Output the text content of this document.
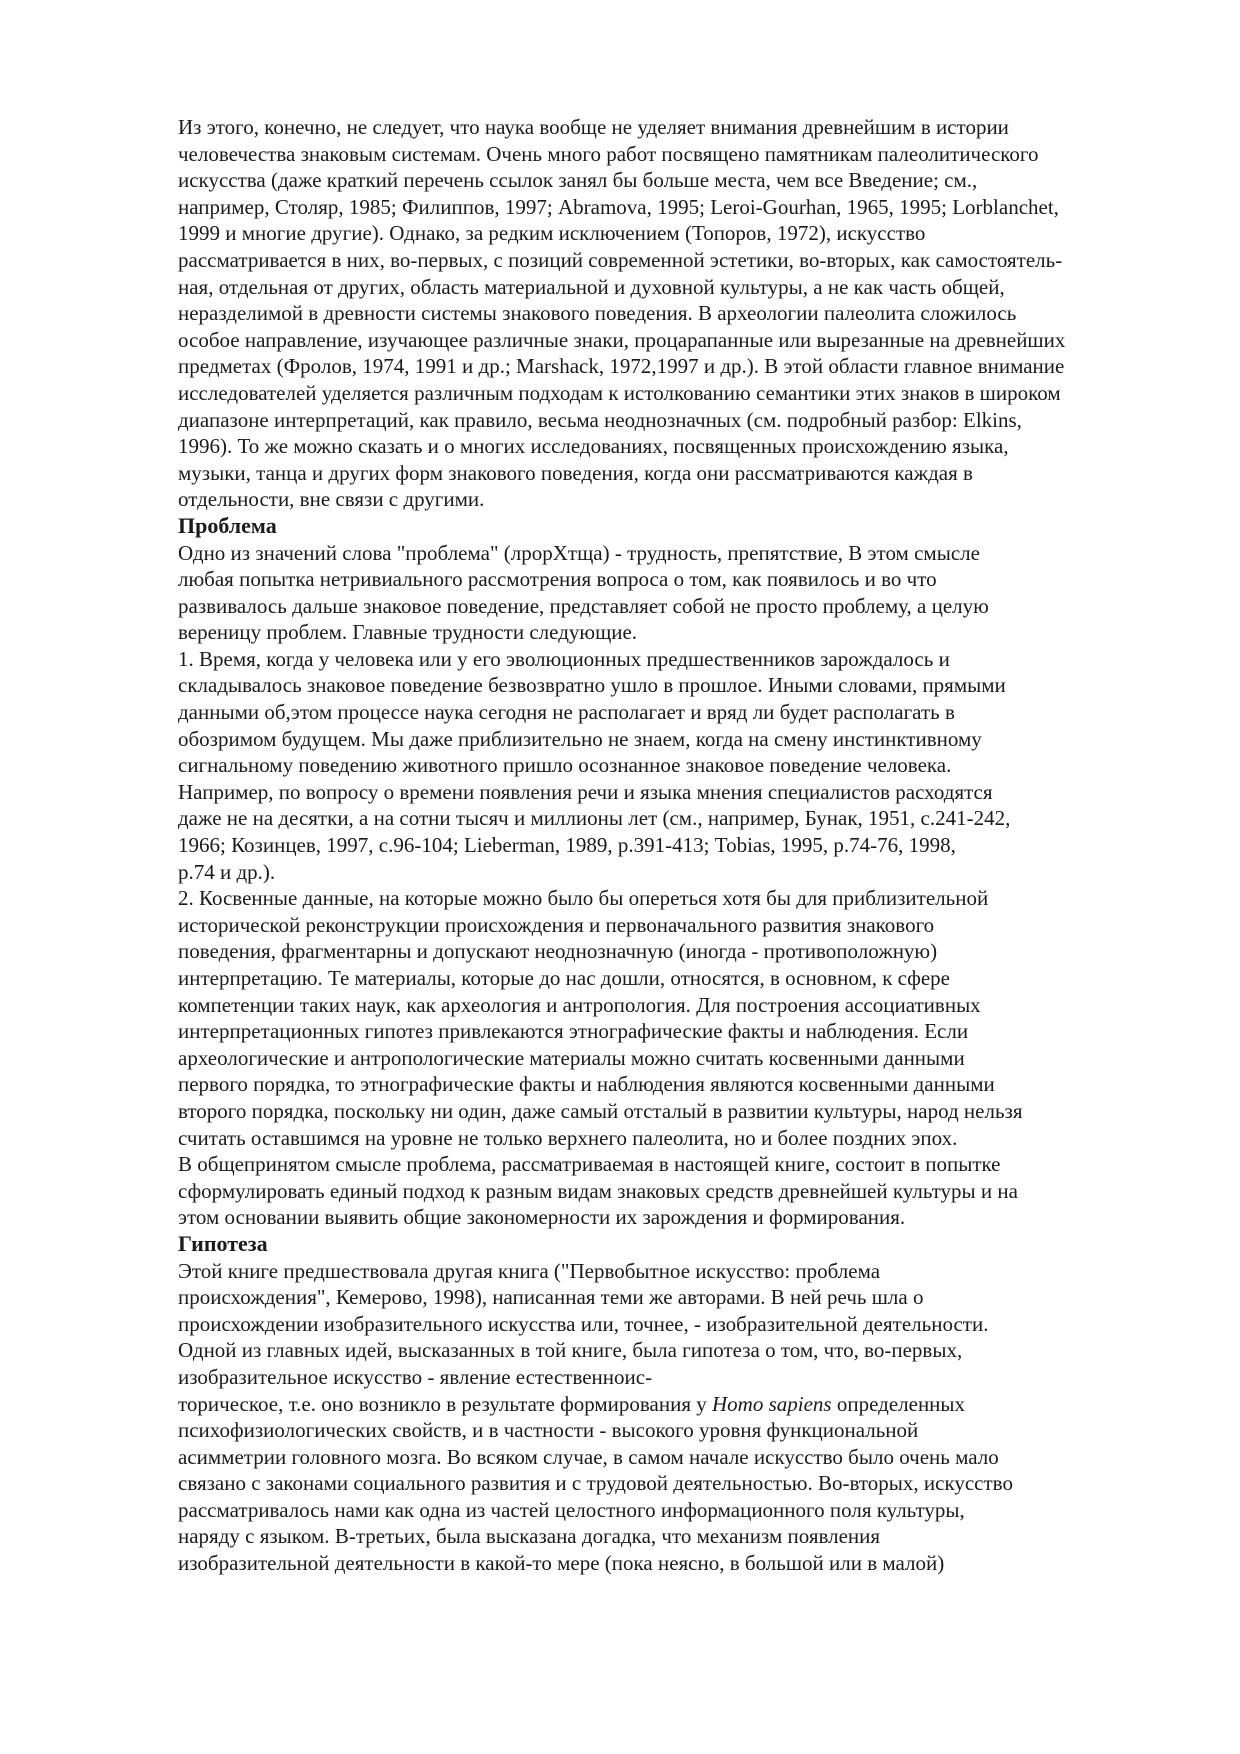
Из этого, конечно, не следует, что наука вообще не уделяет внимания древнейшим в истории
человечества знаковым системам. Очень много работ посвящено памятникам палеолитического
искусства (даже краткий перечень ссылок занял бы больше места, чем все Введение; см.,
например, Столяр, 1985; Филиппов, 1997; Abramova, 1995; Leroi-Gourhan, 1965, 1995; Lorblanchet,
1999 и многие другие). Однако, за редким исключением (Топоров, 1972), искусство
рассматривается в них, во-первых, с позиций современной эстетики, во-вторых, как самостоятель-
ная, отдельная от других, область материальной и духовной культуры, а не как часть общей,
неразделимой в древности системы знакового поведения. В археологии палеолита сложилось
особое направление, изучающее различные знаки, процарапанные или вырезанные на древнейших
предметах (Фролов, 1974, 1991 и др.; Marshack, 1972,1997 и др.). В этой области главное внимание
исследователей уделяется различным подходам к истолкованию семантики этих знаков в широком
диапазоне интерпретаций, как правило, весьма неоднозначных (см. подробный разбор: Elkins,
1996). То же можно сказать и о многих исследованиях, посвященных происхождению языка,
музыки, танца и других форм знакового поведения, когда они рассматриваются каждая в
отдельности, вне связи с другими.
Проблема
Одно из значений слова "проблема" (лрорХтща) - трудность, препятствие, В этом смысле
любая попытка нетривиального рассмотрения вопроса о том, как появилось и во что
развивалось дальше знаковое поведение, представляет собой не просто проблему, а целую
вереницу проблем. Главные трудности следующие.
1. Время, когда у человека или у его эволюционных предшественников зарождалось и
складывалось знаковое поведение безвозвратно ушло в прошлое. Иными словами, прямыми
данными об,этом процессе наука сегодня не располагает и вряд ли будет располагать в
обозримом будущем. Мы даже приблизительно не знаем, когда на смену инстинктивному
сигнальному поведению животного пришло осознанное знаковое поведение человека.
Например, по вопросу о времени появления речи и языка мнения специалистов расходятся
даже не на десятки, а на сотни тысяч и миллионы лет (см., например, Бунак, 1951, с.241-242,
1966; Козинцев, 1997, с.96-104; Lieberman, 1989, р.391-413; Tobias, 1995, р.74-76, 1998,
р.74 и др.).
2. Косвенные данные, на которые можно было бы опереться хотя бы для приблизительной
исторической реконструкции происхождения и первоначального развития знакового
поведения, фрагментарны и допускают неоднозначную (иногда - противоположную)
интерпретацию. Те материалы, которые до нас дошли, относятся, в основном, к сфере
компетенции таких наук, как археология и антропология. Для построения ассоциативных
интерпретационных гипотез привлекаются этнографические факты и наблюдения. Если
археологические и антропологические материалы можно считать косвенными данными
первого порядка, то этнографические факты и наблюдения являются косвенными данными
второго порядка, поскольку ни один, даже самый отсталый в развитии культуры, народ нельзя
считать оставшимся на уровне не только верхнего палеолита, но и более поздних эпох.
В общепринятом смысле проблема, рассматриваемая в настоящей книге, состоит в попытке
сформулировать единый подход к разным видам знаковых средств древнейшей культуры и на
этом основании выявить общие закономерности их зарождения и формирования.
Гипотеза
Этой книге предшествовала другая книга ("Первобытное искусство: проблема
происхождения", Кемерово, 1998), написанная теми же авторами. В ней речь шла о
происхождении изобразительного искусства или, точнее, - изобразительной деятельности.
Одной из главных идей, высказанных в той книге, была гипотеза о том, что, во-первых,
изобразительное искусство - явление естественноис-
торическое, т.е. оно возникло в результате формирования у Homo sapiens определенных
психофизиологических свойств, и в частности - высокого уровня функциональной
асимметрии головного мозга. Во всяком случае, в самом начале искусство было очень мало
связано с законами социального развития и с трудовой деятельностью. Во-вторых, искусство
рассматривалось нами как одна из частей целостного информационного поля культуры,
наряду с языком. В-третьих, была высказана догадка, что механизм появления
изобразительной деятельности в какой-то мере (пока неясно, в большой или в малой)
